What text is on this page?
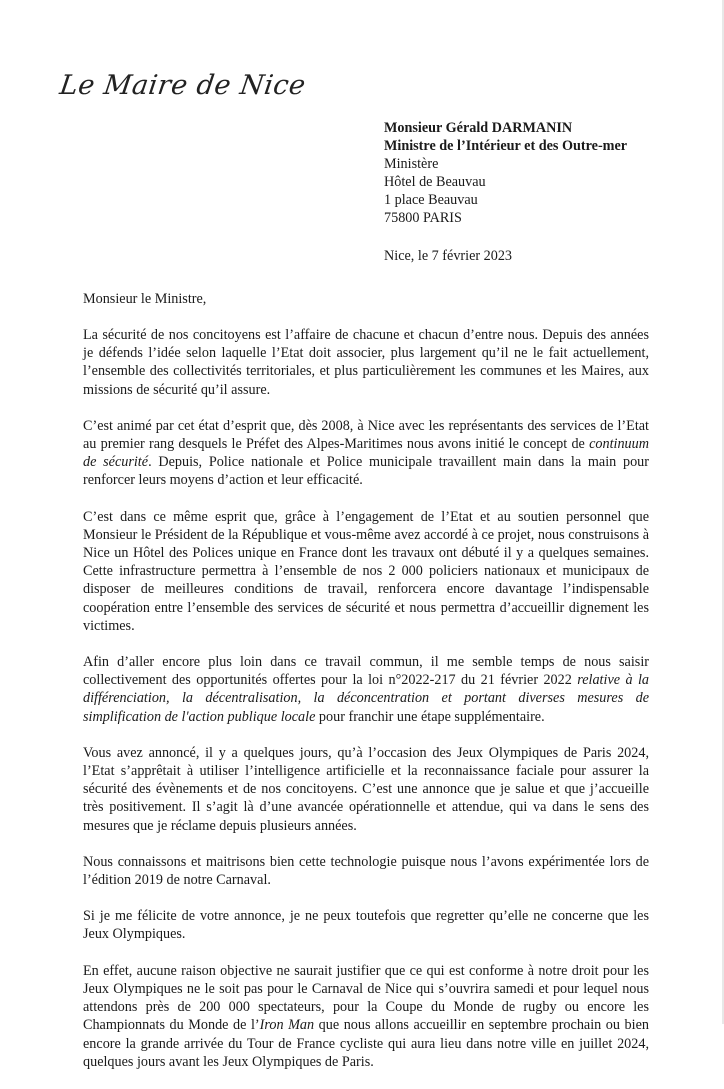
Le Maire de Nice
Monsieur Gérald DARMANIN
Ministre de l’Intérieur et des Outre-mer
Ministère
Hôtel de Beauvau
1 place Beauvau
75800 PARIS
Nice, le 7 février 2023
Monsieur le Ministre,

La sécurité de nos concitoyens est l’affaire de chacune et chacun d’entre nous. Depuis des années je défends l’idée selon laquelle l’Etat doit associer, plus largement qu’il ne le fait actuellement, l’ensemble des collectivités territoriales, et plus particulièrement les communes et les Maires, aux missions de sécurité qu’il assure.

C’est animé par cet état d’esprit que, dès 2008, à Nice avec les représentants des services de l’Etat au premier rang desquels le Préfet des Alpes-Maritimes nous avons initié le concept de continuum de sécurité. Depuis, Police nationale et Police municipale travaillent main dans la main pour renforcer leurs moyens d’action et leur efficacité.

C’est dans ce même esprit que, grâce à l’engagement de l’Etat et au soutien personnel que Monsieur le Président de la République et vous-même avez accordé à ce projet, nous construisons à Nice un Hôtel des Polices unique en France dont les travaux ont débuté il y a quelques semaines. Cette infrastructure permettra à l’ensemble de nos 2 000 policiers nationaux et municipaux de disposer de meilleures conditions de travail, renforcera encore davantage l’indispensable coopération entre l’ensemble des services de sécurité et nous permettra d’accueillir dignement les victimes.

Afin d’aller encore plus loin dans ce travail commun, il me semble temps de nous saisir collectivement des opportunités offertes pour la loi n°2022-217 du 21 février 2022 relative à la différenciation, la décentralisation, la déconcentration et portant diverses mesures de simplification de l'action publique locale pour franchir une étape supplémentaire.

Vous avez annoncé, il y a quelques jours, qu’à l’occasion des Jeux Olympiques de Paris 2024, l’Etat s’apprêtait à utiliser l’intelligence artificielle et la reconnaissance faciale pour assurer la sécurité des évènements et de nos concitoyens. C’est une annonce que je salue et que j’accueille très positivement. Il s’agit là d’une avancée opérationnelle et attendue, qui va dans le sens des mesures que je réclame depuis plusieurs années.

Nous connaissons et maitrisons bien cette technologie puisque nous l’avons expérimentée lors de l’édition 2019 de notre Carnaval.

Si je me félicite de votre annonce, je ne peux toutefois que regretter qu’elle ne concerne que les Jeux Olympiques.

En effet, aucune raison objective ne saurait justifier que ce qui est conforme à notre droit pour les Jeux Olympiques ne le soit pas pour le Carnaval de Nice qui s’ouvrira samedi et pour lequel nous attendons près de 200 000 spectateurs, pour la Coupe du Monde de rugby ou encore les Championnats du Monde de l’Iron Man que nous allons accueillir en septembre prochain ou bien encore la grande arrivée du Tour de France cycliste qui aura lieu dans notre ville en juillet 2024, quelques jours avant les Jeux Olympiques de Paris.
